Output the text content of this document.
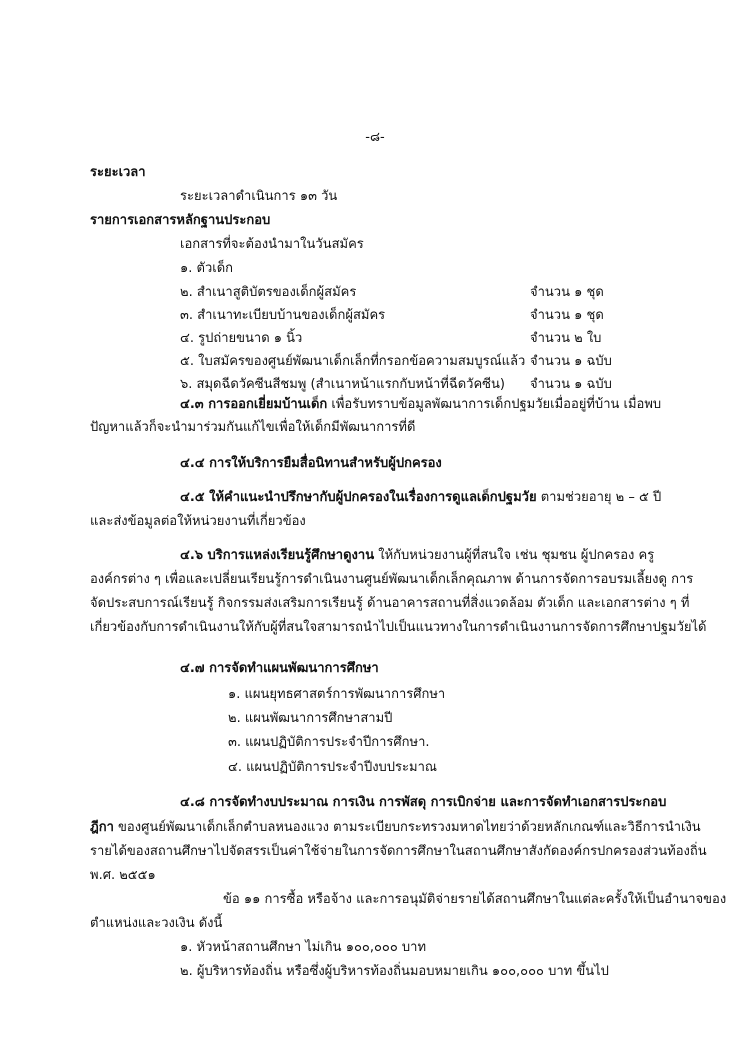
-๘-
ระยะเวลา
ระยะเวลาดำเนินการ ๑๓ วัน
รายการเอกสารหลักฐานประกอบ
เอกสารที่จะต้องนำมาในวันสมัคร
๑. ตัวเด็ก
๒. สำเนาสูติบัตรของเด็กผู้สมัคร	จำนวน ๑ ชุด
๓. สำเนาทะเบียบบ้านของเด็กผู้สมัคร	จำนวน ๑ ชุด
๔. รูปถ่ายขนาด ๑ นิ้ว	จำนวน ๒ ใบ
๕. ใบสมัครของศูนย์พัฒนาเด็กเล็กที่กรอกข้อความสมบูรณ์แล้ว จำนวน ๑ ฉบับ
๖. สมุดฉีดวัคซีนสีชมพู (สำเนาหน้าแรกกับหน้าที่ฉีดวัคซีน) จำนวน ๑ ฉบับ
๔.๓ การออกเยี่ยมบ้านเด็ก เพื่อรับทราบข้อมูลพัฒนาการเด็กปฐมวัยเมื่ออยู่ที่บ้าน เมื่อพบ
ปัญหาแล้วก็จะนำมาร่วมกันแก้ไขเพื่อให้เด็กมีพัฒนาการที่ดี
๔.๔ การให้บริการยืมสื่อนิทานสำหรับผู้ปกครอง
๔.๕ ให้คำแนะนำปรึกษากับผู้ปกครองในเรื่องการดูแลเด็กปฐมวัย ตามช่วยอายุ ๒ – ๕ ปี
และส่งข้อมูลต่อให้หน่วยงานที่เกี่ยวข้อง
๔.๖ บริการแหล่งเรียนรู้ศึกษาดูงาน ให้กับหน่วยงานผู้ที่สนใจ เช่น ชุมชน ผู้ปกครอง ครู
องค์กรต่าง ๆ เพื่อและเปลี่ยนเรียนรู้การดำเนินงานศูนย์พัฒนาเด็กเล็กคุณภาพ ด้านการจัดการอบรมเลี้ยงดู การ
จัดประสบการณ์เรียนรู้ กิจกรรมส่งเสริมการเรียนรู้ ด้านอาคารสถานที่สิ่งแวดล้อม ตัวเด็ก และเอกสารต่าง ๆ ที่
เกี่ยวข้องกับการดำเนินงานให้กับผู้ที่สนใจสามารถนำไปเป็นแนวทางในการดำเนินงานการจัดการศึกษาปฐมวัยได้
๔.๗ การจัดทำแผนพัฒนาการศึกษา
๑. แผนยุทธศาสตร์การพัฒนาการศึกษา
๒. แผนพัฒนาการศึกษาสามปี
๓. แผนปฏิบัติการประจำปีการศึกษา.
๔. แผนปฏิบัติการประจำปีงบประมาณ
๔.๘ การจัดทำงบประมาณ การเงิน การพัสดุ การเบิกจ่าย และการจัดทำเอกสารประกอบ
ฎีกา ของศูนย์พัฒนาเด็กเล็กตำบลหนองแวง ตามระเบียบกระทรวงมหาดไทยว่าด้วยหลักเกณฑ์และวิธีการนำเงิน
รายได้ของสถานศึกษาไปจัดสรรเป็นค่าใช้จ่ายในการจัดการศึกษาในสถานศึกษาสังกัดองค์กรปกครองส่วนท้องถิ่น
พ.ศ. ๒๕๕๑
ข้อ ๑๑ การซื้อ หรือจ้าง และการอนุมัติจ่ายรายได้สถานศึกษาในแต่ละครั้งให้เป็นอำนาจของ
ตำแหน่งและวงเงิน ดังนี้
๑. หัวหน้าสถานศึกษา ไม่เกิน ๑๐๐,๐๐๐ บาท
๒. ผู้บริหารท้องถิ่น หรือซึ่งผู้บริหารท้องถิ่นมอบหมายเกิน ๑๐๐,๐๐๐ บาท ขึ้นไป
